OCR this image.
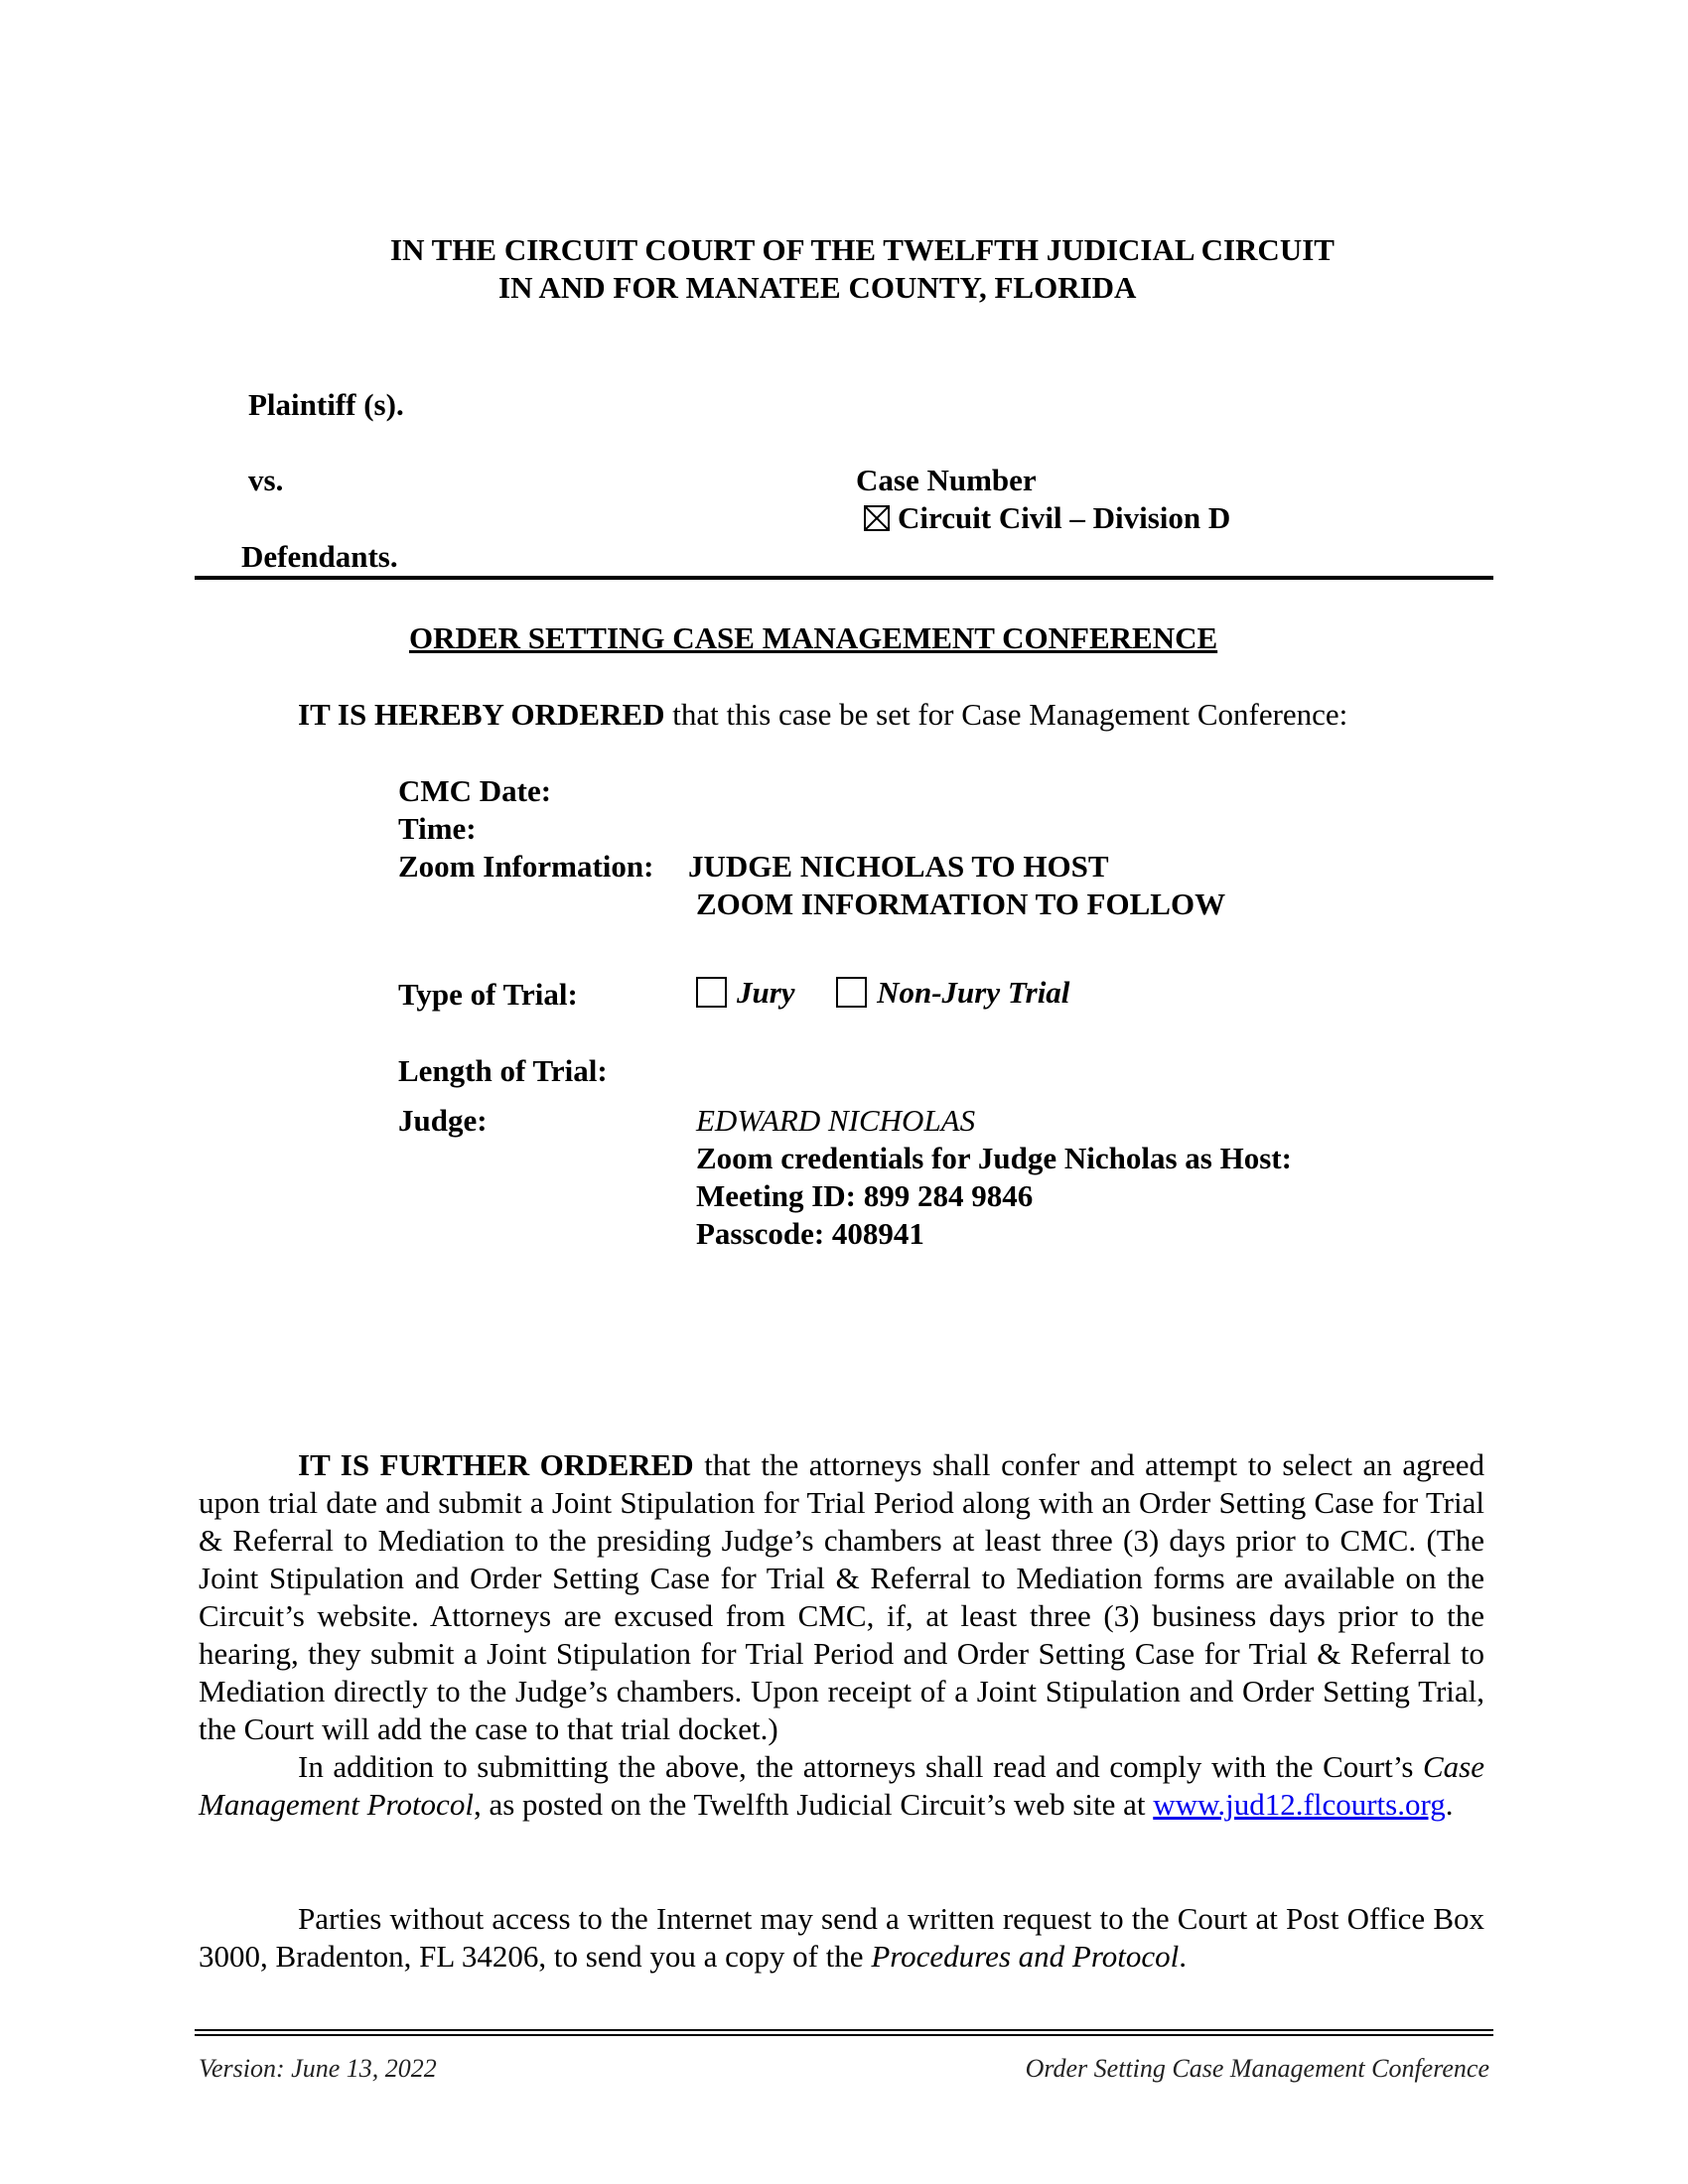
IN THE CIRCUIT COURT OF THE TWELFTH JUDICIAL CIRCUIT
IN AND FOR MANATEE COUNTY, FLORIDA
Plaintiff (s).
vs.
Defendants.
Case Number
Circuit Civil – Division D
ORDER SETTING CASE MANAGEMENT CONFERENCE
IT IS HEREBY ORDERED that this case be set for Case Management Conference:
CMC Date:
Time:
Zoom Information: JUDGE NICHOLAS TO HOST
ZOOM INFORMATION TO FOLLOW
Type of Trial:	Jury	Non-Jury Trial
Length of Trial:
Judge:	EDWARD NICHOLAS
Zoom credentials for Judge Nicholas as Host:
Meeting ID: 899 284 9846
Passcode: 408941
IT IS FURTHER ORDERED that the attorneys shall confer and attempt to select an agreed upon trial date and submit a Joint Stipulation for Trial Period along with an Order Setting Case for Trial & Referral to Mediation to the presiding Judge’s chambers at least three (3) days prior to CMC. (The Joint Stipulation and Order Setting Case for Trial & Referral to Mediation forms are available on the Circuit’s website. Attorneys are excused from CMC, if, at least three (3) business days prior to the hearing, they submit a Joint Stipulation for Trial Period and Order Setting Case for Trial & Referral to Mediation directly to the Judge’s chambers. Upon receipt of a Joint Stipulation and Order Setting Trial, the Court will add the case to that trial docket.)
In addition to submitting the above, the attorneys shall read and comply with the Court’s Case Management Protocol, as posted on the Twelfth Judicial Circuit’s web site at www.jud12.flcourts.org.
Parties without access to the Internet may send a written request to the Court at Post Office Box 3000, Bradenton, FL 34206, to send you a copy of the Procedures and Protocol.
Version: June 13, 2022	Order Setting Case Management Conference
